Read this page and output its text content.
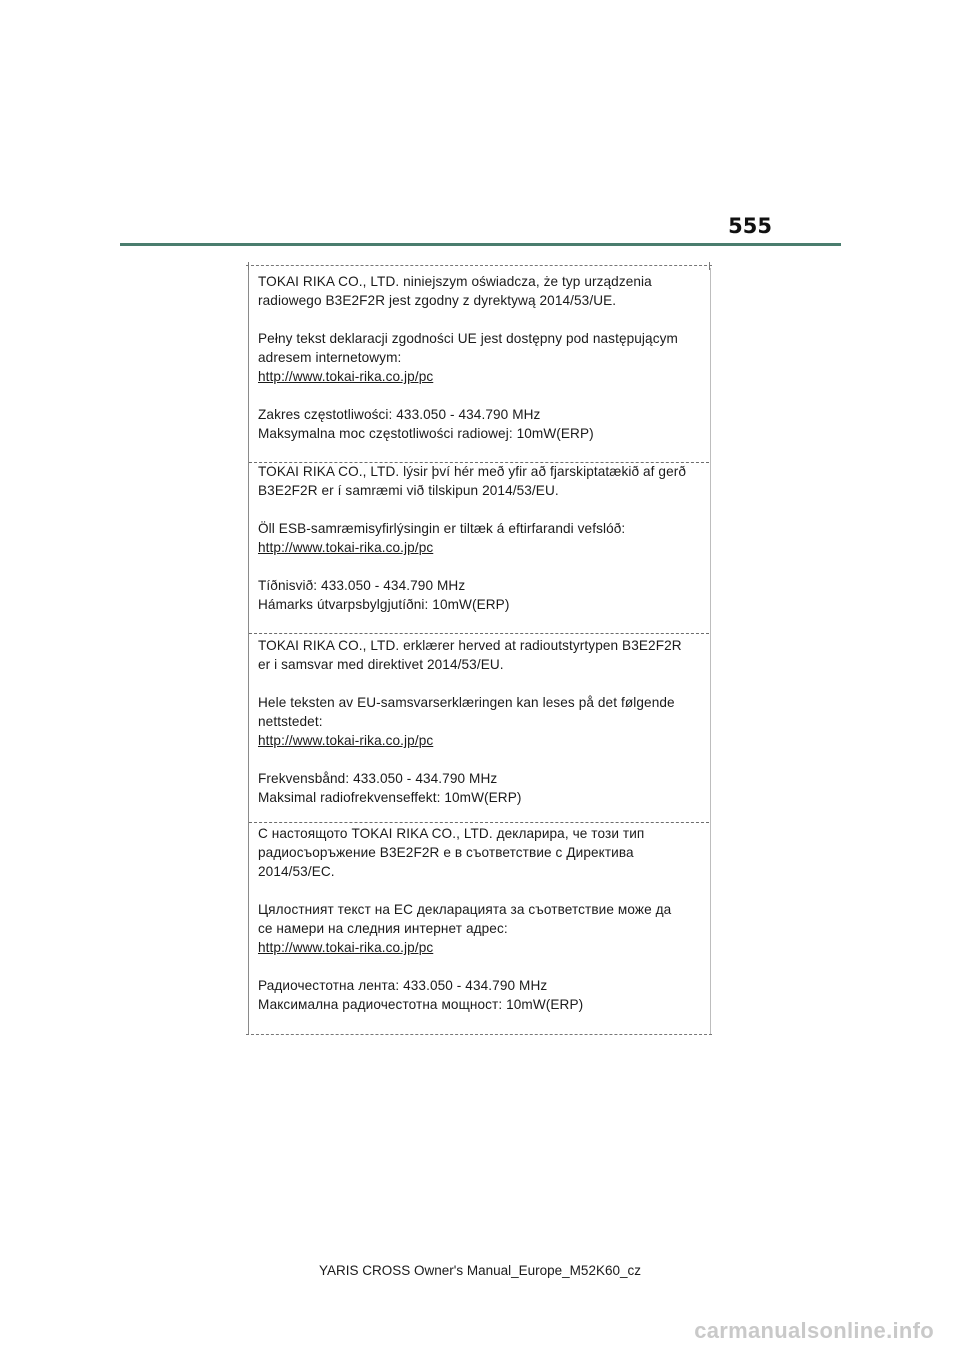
555
TOKAI RIKA CO., LTD. niniejszym oświadcza, że typ urządzenia
radiowego B3E2F2R jest zgodny z dyrektywą 2014/53/UE.
Pełny tekst deklaracji zgodności UE jest dostępny pod następującym
adresem internetowym:
http://www.tokai-rika.co.jp/pc
Zakres częstotliwości: 433.050 - 434.790 MHz
Maksymalna moc częstotliwości radiowej: 10mW(ERP)
TOKAI RIKA CO., LTD. lýsir því hér með yfir að fjarskiptatækið af gerð
B3E2F2R er í samræmi við tilskipun 2014/53/EU.
Öll ESB-samræmisyfirlýsingin er tiltæk á eftirfarandi vefslóð:
http://www.tokai-rika.co.jp/pc
Tíðnisvið: 433.050 - 434.790 MHz
Hámarks útvarpsbylgjutíðni: 10mW(ERP)
TOKAI RIKA CO., LTD. erklærer herved at radioutstyrtypen B3E2F2R
er i samsvar med direktivet 2014/53/EU.
Hele teksten av EU-samsvarserklæringen kan leses på det følgende
nettstedet:
http://www.tokai-rika.co.jp/pc
Frekvensbånd: 433.050 - 434.790 MHz
Maksimal radiofrekvenseffekt: 10mW(ERP)
С настоящото TOKAI RIKA CO., LTD. декларира, че този тип
радиосъоръжение B3E2F2R е в съответствие с Директива
2014/53/ЕС.
Цялостният текст на ЕС декларацията за съответствие може да
се намери на следния интернет адрес:
http://www.tokai-rika.co.jp/pc
Радиочестотна лента: 433.050 - 434.790 MHz
Максимална радиочестотна мощност: 10mW(ERP)
YARIS CROSS Owner's Manual_Europe_M52K60_cz
carmanualsonline.info
